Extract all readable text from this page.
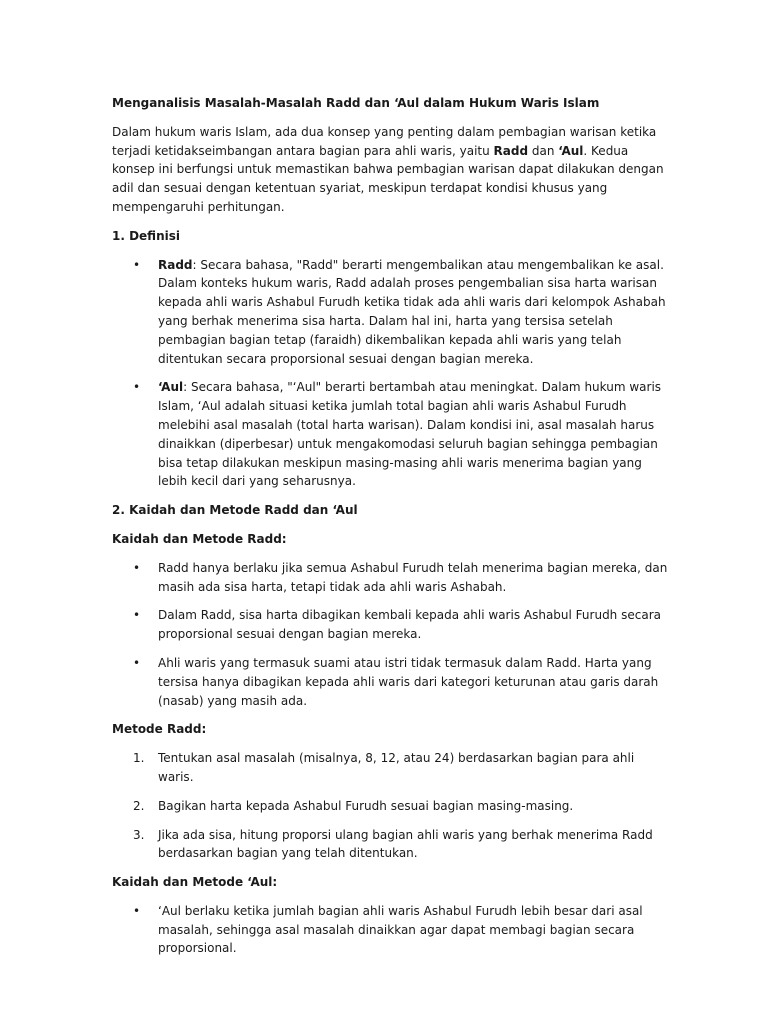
Menganalisis Masalah-Masalah Radd dan ‘Aul dalam Hukum Waris Islam

Dalam hukum waris Islam, ada dua konsep yang penting dalam pembagian warisan ketika terjadi ketidakseimbangan antara bagian para ahli waris, yaitu Radd dan ‘Aul. Kedua konsep ini berfungsi untuk memastikan bahwa pembagian warisan dapat dilakukan dengan adil dan sesuai dengan ketentuan syariat, meskipun terdapat kondisi khusus yang mempengaruhi perhitungan.

1. Definisi

• Radd: Secara bahasa, "Radd" berarti mengembalikan atau mengembalikan ke asal. Dalam konteks hukum waris, Radd adalah proses pengembalian sisa harta warisan kepada ahli waris Ashabul Furudh ketika tidak ada ahli waris dari kelompok Ashabah yang berhak menerima sisa harta. Dalam hal ini, harta yang tersisa setelah pembagian bagian tetap (faraidh) dikembalikan kepada ahli waris yang telah ditentukan secara proporsional sesuai dengan bagian mereka.
• ‘Aul: Secara bahasa, "‘Aul" berarti bertambah atau meningkat. Dalam hukum waris Islam, ‘Aul adalah situasi ketika jumlah total bagian ahli waris Ashabul Furudh melebihi asal masalah (total harta warisan). Dalam kondisi ini, asal masalah harus dinaikkan (diperbesar) untuk mengakomodasi seluruh bagian sehingga pembagian bisa tetap dilakukan meskipun masing-masing ahli waris menerima bagian yang lebih kecil dari yang seharusnya.

2. Kaidah dan Metode Radd dan ‘Aul

Kaidah dan Metode Radd:

• Radd hanya berlaku jika semua Ashabul Furudh telah menerima bagian mereka, dan masih ada sisa harta, tetapi tidak ada ahli waris Ashabah.
• Dalam Radd, sisa harta dibagikan kembali kepada ahli waris Ashabul Furudh secara proporsional sesuai dengan bagian mereka.
• Ahli waris yang termasuk suami atau istri tidak termasuk dalam Radd. Harta yang tersisa hanya dibagikan kepada ahli waris dari kategori keturunan atau garis darah (nasab) yang masih ada.

Metode Radd:

1. Tentukan asal masalah (misalnya, 8, 12, atau 24) berdasarkan bagian para ahli waris.
2. Bagikan harta kepada Ashabul Furudh sesuai bagian masing-masing.
3. Jika ada sisa, hitung proporsi ulang bagian ahli waris yang berhak menerima Radd berdasarkan bagian yang telah ditentukan.

Kaidah dan Metode ‘Aul:

• ‘Aul berlaku ketika jumlah bagian ahli waris Ashabul Furudh lebih besar dari asal masalah, sehingga asal masalah dinaikkan agar dapat membagi bagian secara proporsional.
